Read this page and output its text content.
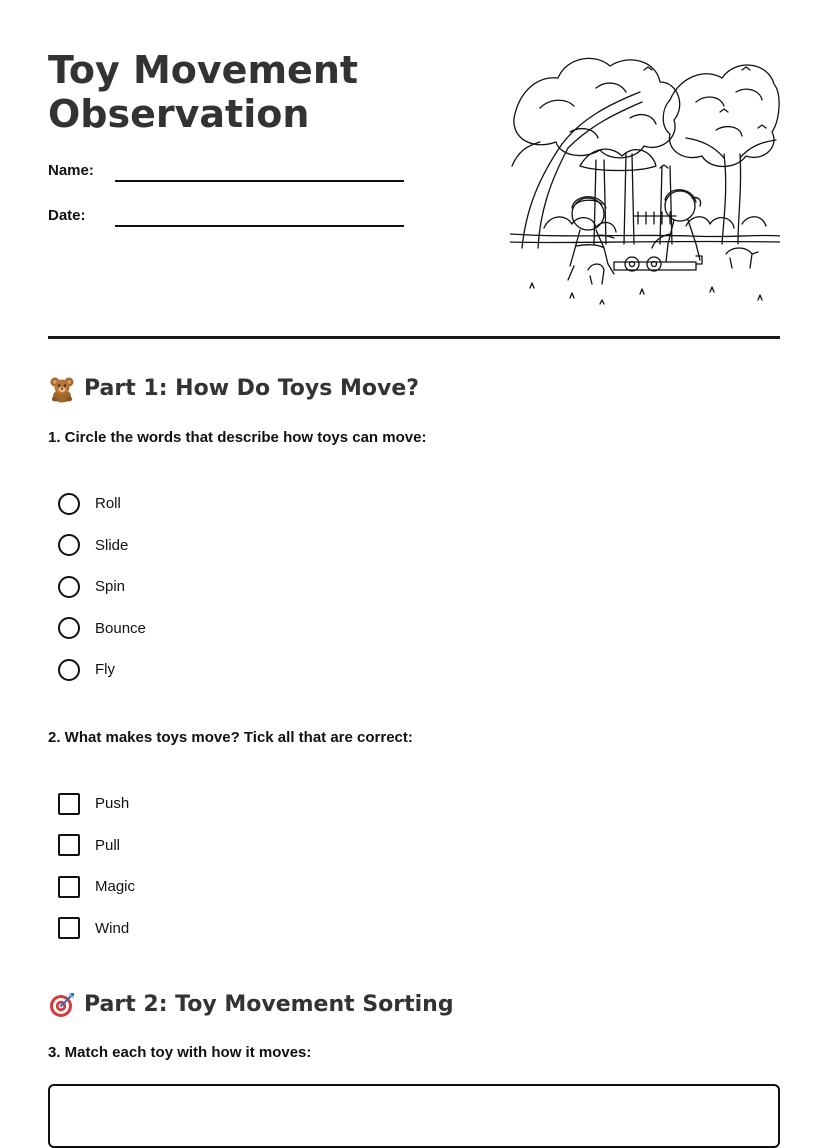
Toy Movement Observation
Name:
Date:
Part 1: How Do Toys Move?

1. Circle the words that describe how toys can move:

Roll
Slide
Spin
Bounce
Fly

2. What makes toys move? Tick all that are correct:

Push
Pull
Magic
Wind
Part 2: Toy Movement Sorting

3. Match each toy with how it moves:
